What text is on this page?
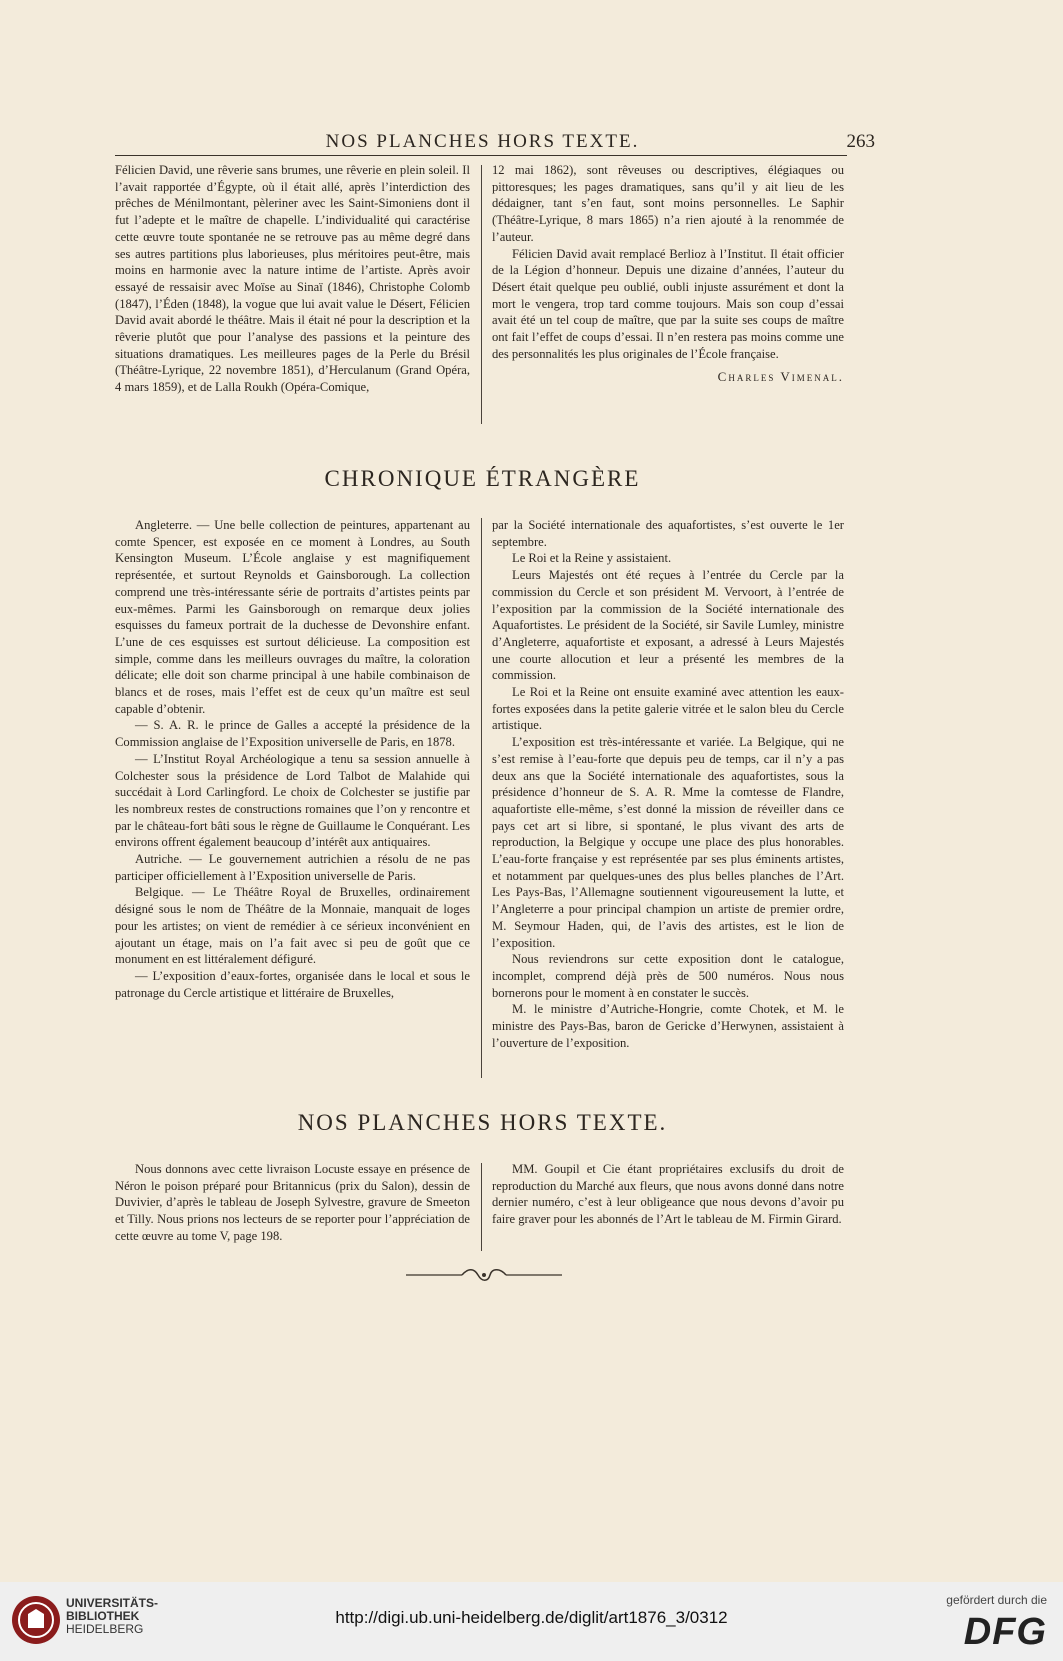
NOS PLANCHES HORS TEXTE.	263

Félicien David, une rêverie sans brumes, une rêverie en plein soleil. Il l’avait rapportée d’Égypte, où il était allé, après l’interdiction des prêches de Ménilmontant, pèleriner avec les Saint-Simoniens dont il fut l’adepte et le maître de chapelle. L’individualité qui caractérise cette œuvre toute spontanée ne se retrouve pas au même degré dans ses autres partitions plus laborieuses, plus méritoires peut-être, mais moins en harmonie avec la nature intime de l’artiste. Après avoir essayé de ressaisir avec Moïse au Sinaï (1846), Christophe Colomb (1847), l’Éden (1848), la vogue que lui avait value le Désert, Félicien David avait abordé le théâtre. Mais il était né pour la description et la rêverie plutôt que pour l’analyse des passions et la peinture des situations dramatiques. Les meilleures pages de la Perle du Brésil (Théâtre-Lyrique, 22 novembre 1851), d’Herculanum (Grand Opéra, 4 mars 1859), et de Lalla Roukh (Opéra-Comique,

12 mai 1862), sont rêveuses ou descriptives, élégiaques ou pittoresques; les pages dramatiques, sans qu’il y ait lieu de les dédaigner, tant s’en faut, sont moins personnelles. Le Saphir (Théâtre-Lyrique, 8 mars 1865) n’a rien ajouté à la renommée de l’auteur.

Félicien David avait remplacé Berlioz à l’Institut. Il était officier de la Légion d’honneur. Depuis une dizaine d’années, l’auteur du Désert était quelque peu oublié, oubli injuste assurément et dont la mort le vengera, trop tard comme toujours. Mais son coup d’essai avait été un tel coup de maître, que par la suite ses coups de maître ont fait l’effet de coups d’essai. Il n’en restera pas moins comme une des personnalités les plus originales de l’École française.

Charles Vimenal.
CHRONIQUE ÉTRANGÈRE

Angleterre. — Une belle collection de peintures, appartenant au comte Spencer, est exposée en ce moment à Londres, au South Kensington Museum. L’École anglaise y est magnifiquement représentée, et surtout Reynolds et Gainsborough. La collection comprend une très-intéressante série de portraits d’artistes peints par eux-mêmes. Parmi les Gainsborough on remarque deux jolies esquisses du fameux portrait de la duchesse de Devonshire enfant. L’une de ces esquisses est surtout délicieuse. La composition est simple, comme dans les meilleurs ouvrages du maître, la coloration délicate; elle doit son charme principal à une habile combinaison de blancs et de roses, mais l’effet est de ceux qu’un maître est seul capable d’obtenir.

— S. A. R. le prince de Galles a accepté la présidence de la Commission anglaise de l’Exposition universelle de Paris, en 1878.

— L’Institut Royal Archéologique a tenu sa session annuelle à Colchester sous la présidence de Lord Talbot de Malahide qui succédait à Lord Carlingford. Le choix de Colchester se justifie par les nombreux restes de constructions romaines que l’on y rencontre et par le château-fort bâti sous le règne de Guillaume le Conquérant. Les environs offrent également beaucoup d’intérêt aux antiquaires.

Autriche. — Le gouvernement autrichien a résolu de ne pas participer officiellement à l’Exposition universelle de Paris.

Belgique. — Le Théâtre Royal de Bruxelles, ordinairement désigné sous le nom de Théâtre de la Monnaie, manquait de loges pour les artistes; on vient de remédier à ce sérieux inconvénient en ajoutant un étage, mais on l’a fait avec si peu de goût que ce monument en est littéralement défiguré.

— L’exposition d’eaux-fortes, organisée dans le local et sous le patronage du Cercle artistique et littéraire de Bruxelles,

par la Société internationale des aquafortistes, s’est ouverte le 1er septembre.

Le Roi et la Reine y assistaient.

Leurs Majestés ont été reçues à l’entrée du Cercle par la commission du Cercle et son président M. Vervoort, à l’entrée de l’exposition par la commission de la Société internationale des Aquafortistes. Le président de la Société, sir Savile Lumley, ministre d’Angleterre, aquafortiste et exposant, a adressé à Leurs Majestés une courte allocution et leur a présenté les membres de la commission.

Le Roi et la Reine ont ensuite examiné avec attention les eaux-fortes exposées dans la petite galerie vitrée et le salon bleu du Cercle artistique.

L’exposition est très-intéressante et variée. La Belgique, qui ne s’est remise à l’eau-forte que depuis peu de temps, car il n’y a pas deux ans que la Société internationale des aquafortistes, sous la présidence d’honneur de S. A. R. Mme la comtesse de Flandre, aquafortiste elle-même, s’est donné la mission de réveiller dans ce pays cet art si libre, si spontané, le plus vivant des arts de reproduction, la Belgique y occupe une place des plus honorables. L’eau-forte française y est représentée par ses plus éminents artistes, et notamment par quelques-unes des plus belles planches de l’Art. Les Pays-Bas, l’Allemagne soutiennent vigoureusement la lutte, et l’Angleterre a pour principal champion un artiste de premier ordre, M. Seymour Haden, qui, de l’avis des artistes, est le lion de l’exposition.

Nous reviendrons sur cette exposition dont le catalogue, incomplet, comprend déjà près de 500 numéros. Nous nous bornerons pour le moment à en constater le succès.

M. le ministre d’Autriche-Hongrie, comte Chotek, et M. le ministre des Pays-Bas, baron de Gericke d’Herwynen, assistaient à l’ouverture de l’exposition.

NOS PLANCHES HORS TEXTE.

Nous donnons avec cette livraison Locuste essaye en présence de Néron le poison préparé pour Britannicus (prix du Salon), dessin de Duvivier, d’après le tableau de Joseph Sylvestre, gravure de Smeeton et Tilly. Nous prions nos lecteurs de se reporter pour l’appréciation de cette œuvre au tome V, page 198.

MM. Goupil et Cie étant propriétaires exclusifs du droit de reproduction du Marché aux fleurs, que nous avons donné dans notre dernier numéro, c’est à leur obligeance que nous devons d’avoir pu faire graver pour les abonnés de l’Art le tableau de M. Firmin Girard.

UNIVERSITÄTS-
BIBLIOTHEK
HEIDELBERG
http://digi.ub.uni-heidelberg.de/diglit/art1876_3/0312
gefördert durch die
DFG
